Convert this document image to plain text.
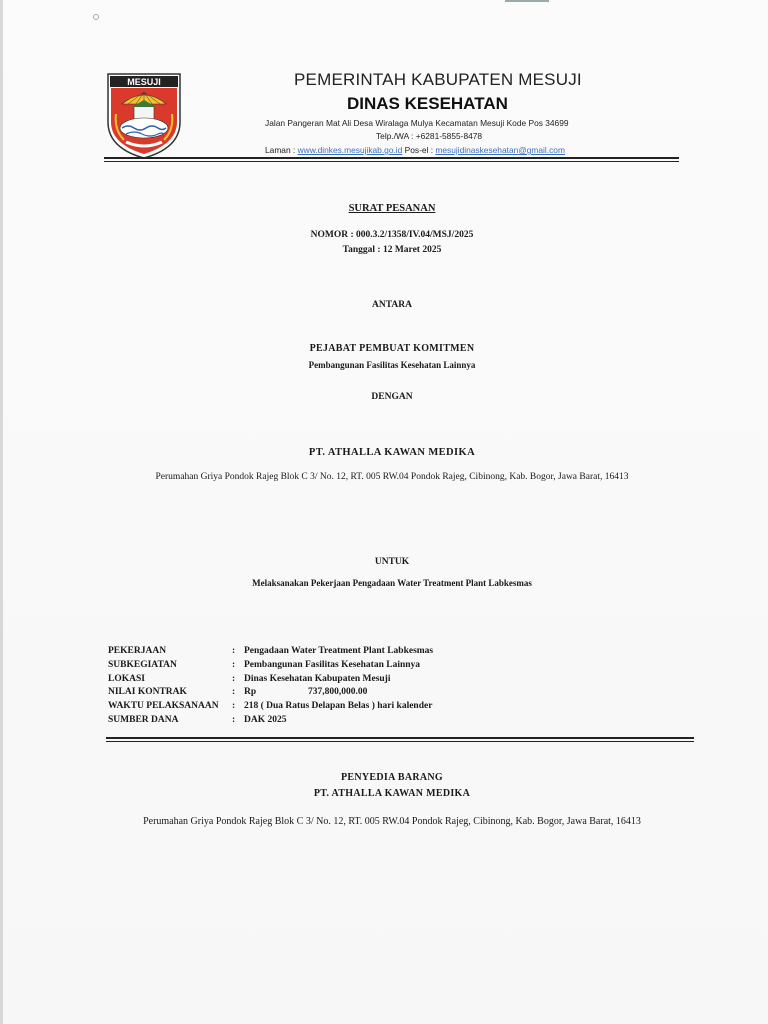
MESUJI	PEMERINTAH KABUPATEN MESUJI
DINAS KESEHATAN
Jalan Pangeran Mat Ali Desa Wiralaga Mulya Kecamatan Mesuji Kode Pos 34699
Telp./WA : +6281-5855-8478
Laman : www.dinkes.mesujikab.go.id Pos-el : mesujidinaskesehatan@gmail.com
SURAT PESANAN
NOMOR : 000.3.2/1358/IV.04/MSJ/2025
Tanggal : 12 Maret 2025
ANTARA
PEJABAT PEMBUAT KOMITMEN
Pembangunan Fasilitas Kesehatan Lainnya
DENGAN
PT. ATHALLA KAWAN MEDIKA
Perumahan Griya Pondok Rajeg Blok C 3/ No. 12, RT. 005 RW.04 Pondok Rajeg, Cibinong, Kab. Bogor, Jawa Barat, 16413
UNTUK
Melaksanakan Pekerjaan Pengadaan Water Treatment Plant Labkesmas
PEKERJAAN	: Pengadaan Water Treatment Plant Labkesmas
SUBKEGIATAN	: Pembangunan Fasilitas Kesehatan Lainnya
LOKASI	: Dinas Kesehatan Kabupaten Mesuji
NILAI KONTRAK	: Rp	737,800,000.00
WAKTU PELAKSANAAN	: 218 ( Dua Ratus Delapan Belas ) hari kalender
SUMBER DANA	: DAK 2025
PENYEDIA BARANG
PT. ATHALLA KAWAN MEDIKA
Perumahan Griya Pondok Rajeg Blok C 3/ No. 12, RT. 005 RW.04 Pondok Rajeg, Cibinong, Kab. Bogor, Jawa Barat, 16413
